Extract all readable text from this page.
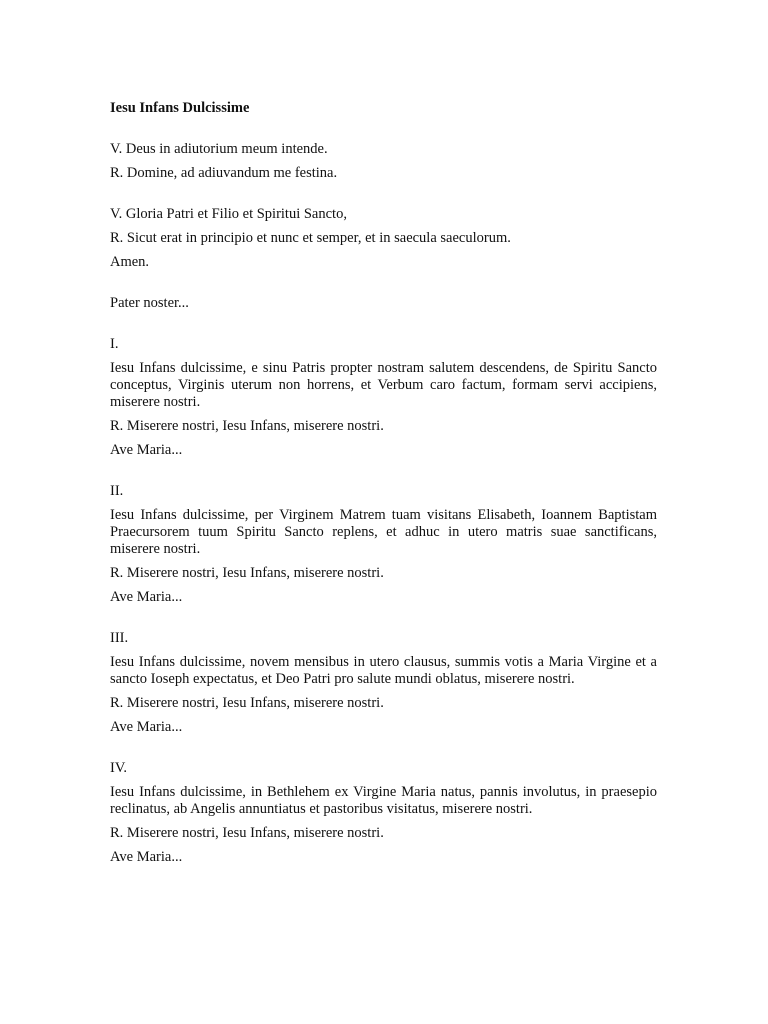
Iesu Infans Dulcissime
V. Deus in adiutorium meum intende.
R. Domine, ad adiuvandum me festina.
V. Gloria Patri et Filio et Spiritui Sancto,
R. Sicut erat in principio et nunc et semper, et in saecula saeculorum.
Amen.
Pater noster...
I.
Iesu Infans dulcissime, e sinu Patris propter nostram salutem descendens, de Spiritu Sancto conceptus, Virginis uterum non horrens, et Verbum caro factum, formam servi accipiens, miserere nostri.
R. Miserere nostri, Iesu Infans, miserere nostri.
Ave Maria...
II.
Iesu Infans dulcissime, per Virginem Matrem tuam visitans Elisabeth, Ioannem Baptistam Praecursorem tuum Spiritu Sancto replens, et adhuc in utero matris suae sanctificans, miserere nostri.
R. Miserere nostri, Iesu Infans, miserere nostri.
Ave Maria...
III.
Iesu Infans dulcissime, novem mensibus in utero clausus, summis votis a Maria Virgine et a sancto Ioseph expectatus, et Deo Patri pro salute mundi oblatus, miserere nostri.
R. Miserere nostri, Iesu Infans, miserere nostri.
Ave Maria...
IV.
Iesu Infans dulcissime, in Bethlehem ex Virgine Maria natus, pannis involutus, in praesepio reclinatus, ab Angelis annuntiatus et pastoribus visitatus, miserere nostri.
R. Miserere nostri, Iesu Infans, miserere nostri.
Ave Maria...
